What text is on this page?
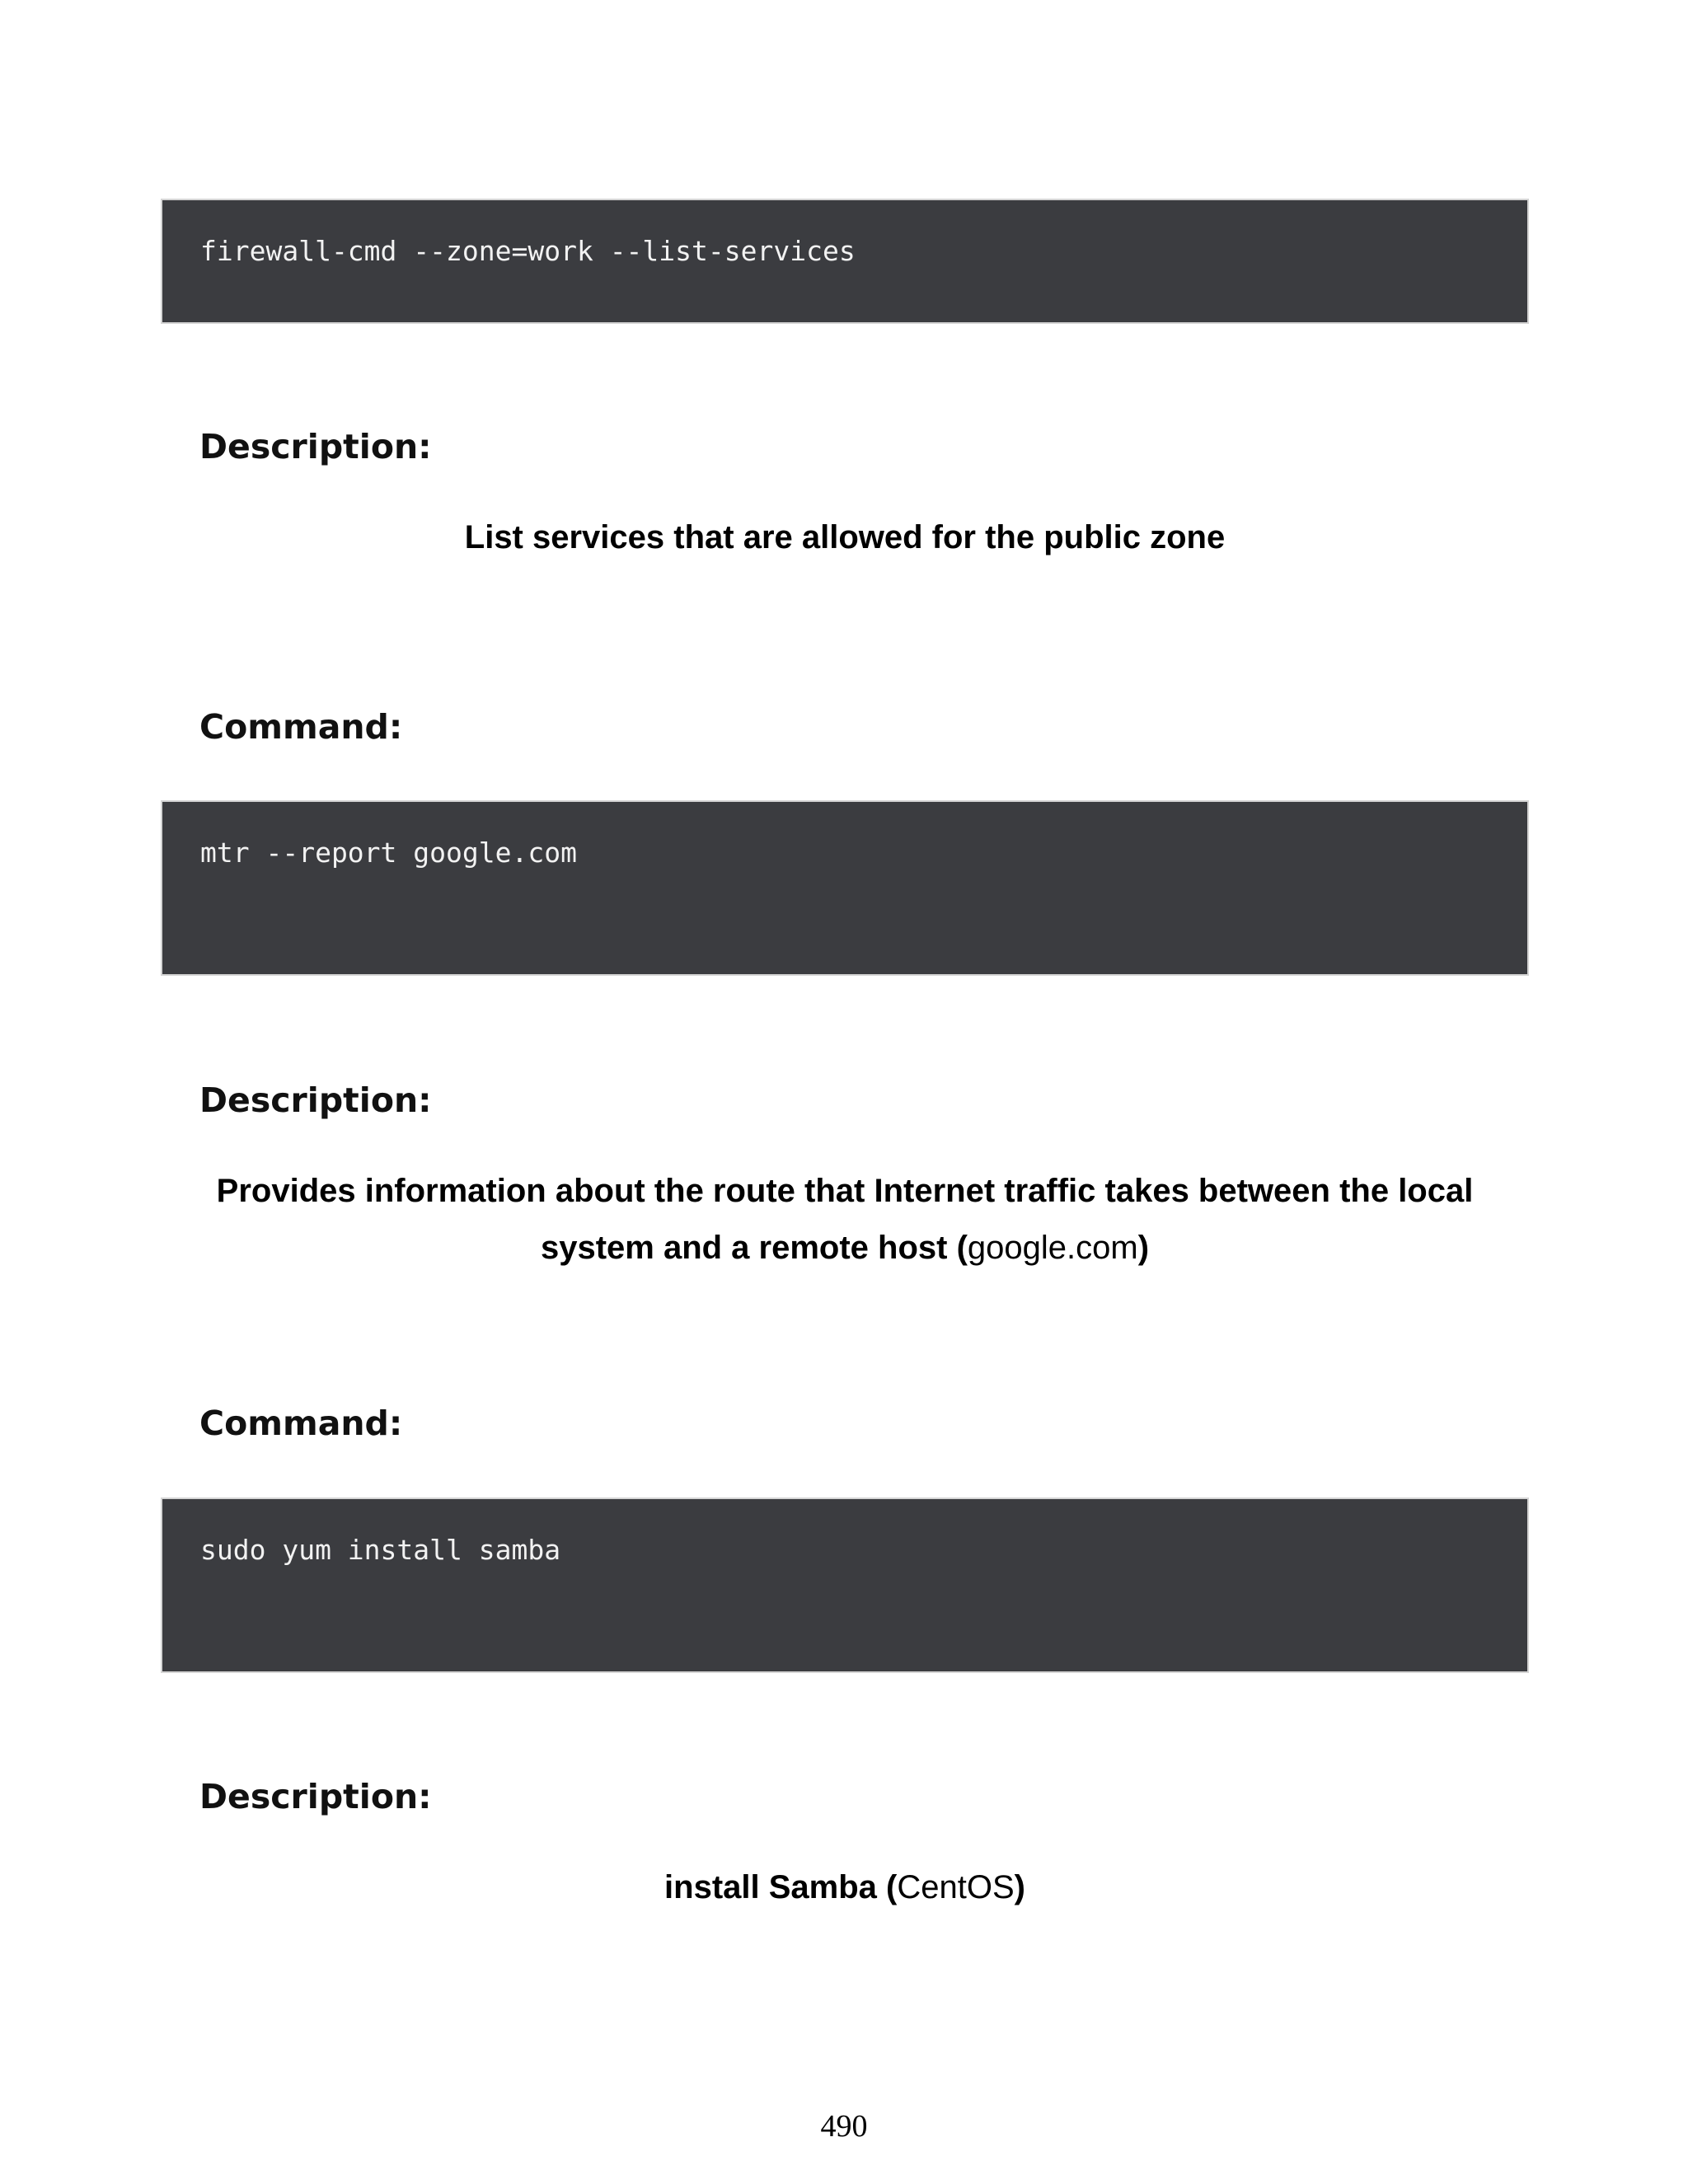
firewall-cmd --zone=work --list-services

Description:

List services that are allowed for the public zone

Command:

mtr --report google.com

Description:

Provides information about the route that Internet traffic takes between the local system and a remote host (google.com)

Command:

sudo yum install samba

Description:

install Samba (CentOS)

490
